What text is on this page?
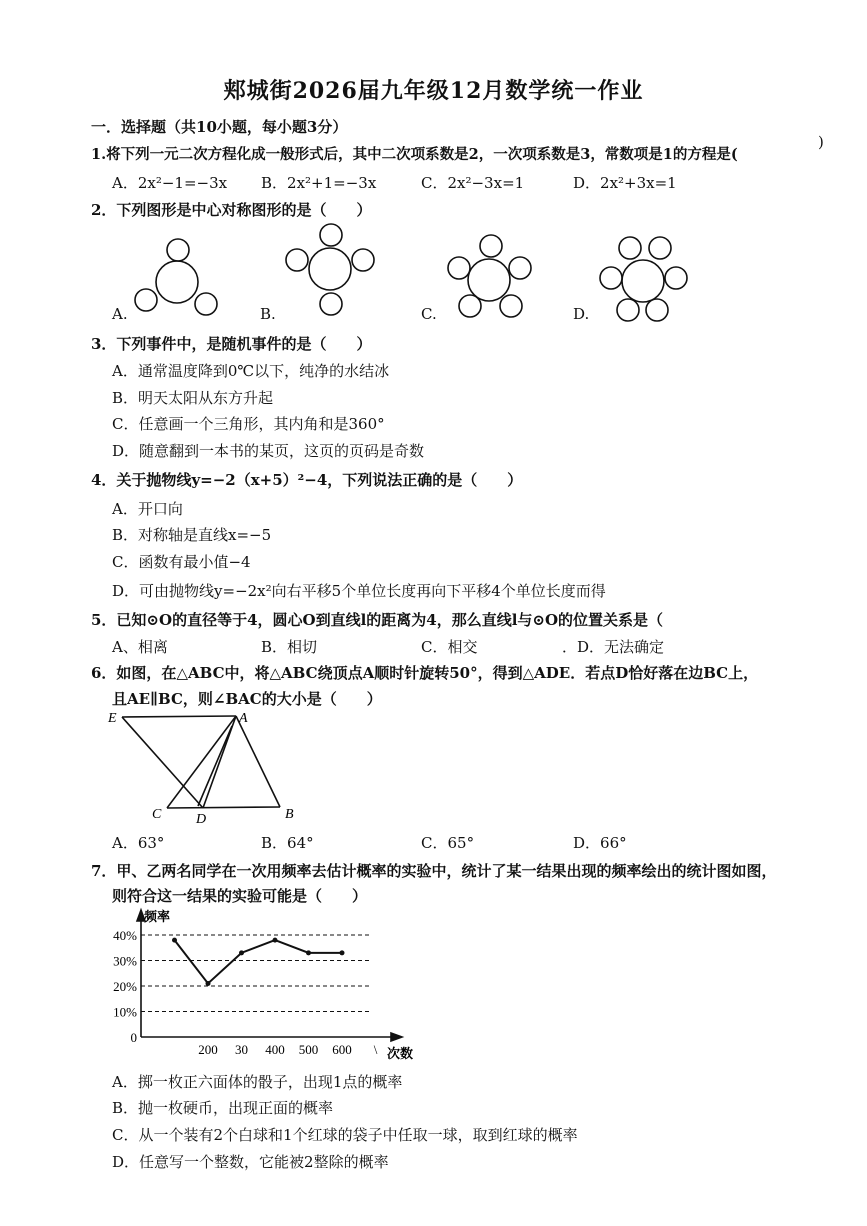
郏城街2026届九年级12月数学统一作业
一．选择题（共10小题，每小题3分）
1.将下列一元二次方程化成一般形式后，其中二次项系数是2，一次项系数是3，常数项是1的方程是(
)
A．2x²−1=−3x B．2x²+1=−3x	C．2x²−3x=1	D．2x²+3x=1
2．下列图形是中心对称图形的是（　　）
A.	B.	C.	D.
3．下列事件中，是随机事件的是（　　）
A．通常温度降到0℃以下，纯净的水结冰
B．明天太阳从东方升起
C．任意画一个三角形，其内角和是360°
D．随意翻到一本书的某页，这页的页码是奇数
4．关于抛物线y=−2（x+5）²−4，下列说法正确的是（　　）
A．开口向
B．对称轴是直线x=−5
C．函数有最小值−4
D．可由抛物线y=−2x²向右平移5个单位长度再向下平移4个单位长度而得
5．已知⊙O的直径等于4，圆心O到直线l的距离为4，那么直线l与⊙O的位置关系是（
A、相离	B．相切	C．相交	．D．无法确定
6．如图，在△ABC中，将△ABC绕顶点A顺时针旋转50°，得到△ADE．若点D恰好落在边BC上，
且AE∥BC，则∠BAC的大小是（　　）
E	A
C D	B
A．63°	B．64°	C．65°	D．66°
7．甲、乙两名同学在一次用频率去估计概率的实验中，统计了某一结果出现的频率绘出的统计图如图，
则符合这一结果的实验可能是（　　）
频率
次数
40%
30%
20%
10%
0
200 30 400 500 600 \
A．掷一枚正六面体的骰子，出现1点的概率
B．抛一枚硬币，出现正面的概率
C．从一个装有2个白球和1个红球的袋子中任取一球，取到红球的概率
D．任意写一个整数，它能被2整除的概率
